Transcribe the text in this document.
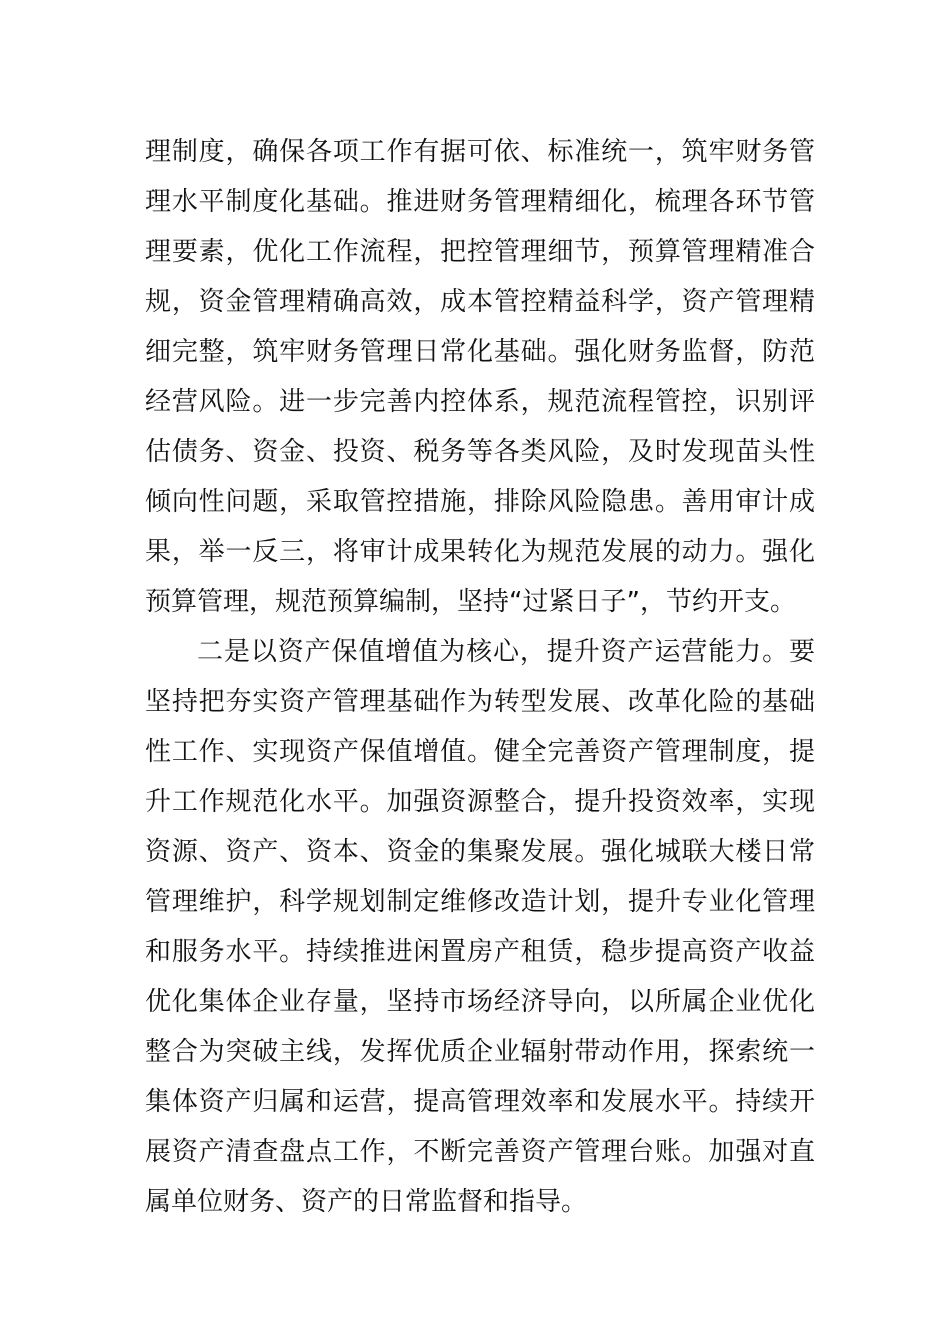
理制度，确保各项工作有据可依、标准统一，筑牢财务管
理水平制度化基础。推进财务管理精细化，梳理各环节管
理要素，优化工作流程，把控管理细节，预算管理精准合
规，资金管理精确高效，成本管控精益科学，资产管理精
细完整，筑牢财务管理日常化基础。强化财务监督，防范
经营风险。进一步完善内控体系，规范流程管控，识别评
估债务、资金、投资、税务等各类风险，及时发现苗头性
倾向性问题，采取管控措施，排除风险隐患。善用审计成
果，举一反三，将审计成果转化为规范发展的动力。强化
预算管理，规范预算编制，坚持“过紧日子”，节约开支。
二是以资产保值增值为核心，提升资产运营能力。要
坚持把夯实资产管理基础作为转型发展、改革化险的基础
性工作、实现资产保值增值。健全完善资产管理制度，提
升工作规范化水平。加强资源整合，提升投资效率，实现
资源、资产、资本、资金的集聚发展。强化城联大楼日常
管理维护，科学规划制定维修改造计划，提升专业化管理
和服务水平。持续推进闲置房产租赁，稳步提高资产收益
优化集体企业存量，坚持市场经济导向，以所属企业优化
整合为突破主线，发挥优质企业辐射带动作用，探索统一
集体资产归属和运营，提高管理效率和发展水平。持续开
展资产清查盘点工作，不断完善资产管理台账。加强对直
属单位财务、资产的日常监督和指导。
